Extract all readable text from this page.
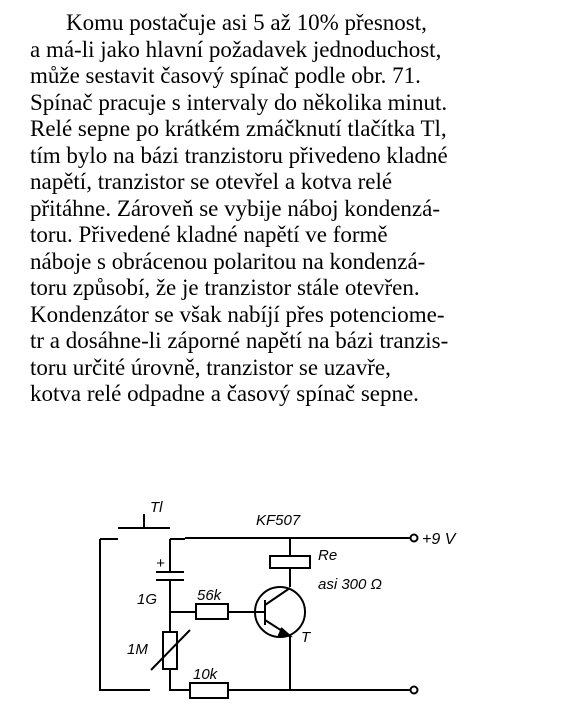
Komu postačuje asi 5 až 10% přesnost,
a má-li jako hlavní požadavek jednoduchost,
může sestavit časový spínač podle obr. 71.
Spínač pracuje s intervaly do několika minut.
Relé sepne po krátkém zmáčknutí tlačítka Tl,
tím bylo na bázi tranzistoru přivedeno kladné
napětí, tranzistor se otevřel a kotva relé
přitáhne. Zároveň se vybije náboj kondenzá-
toru. Přivedené kladné napětí ve formě
náboje s obrácenou polaritou na kondenzá-
toru způsobí, že je tranzistor stále otevřen.
Kondenzátor se však nabíjí přes potenciome-
tr a dosáhne-li záporné napětí na bázi tranzis-
toru určité úrovně, tranzistor se uzavře,
kotva relé odpadne a časový spínač sepne.
Tl
KF507
+9 V
Re
asi 300 Ω
+
1G	56k
T
1M
10k
